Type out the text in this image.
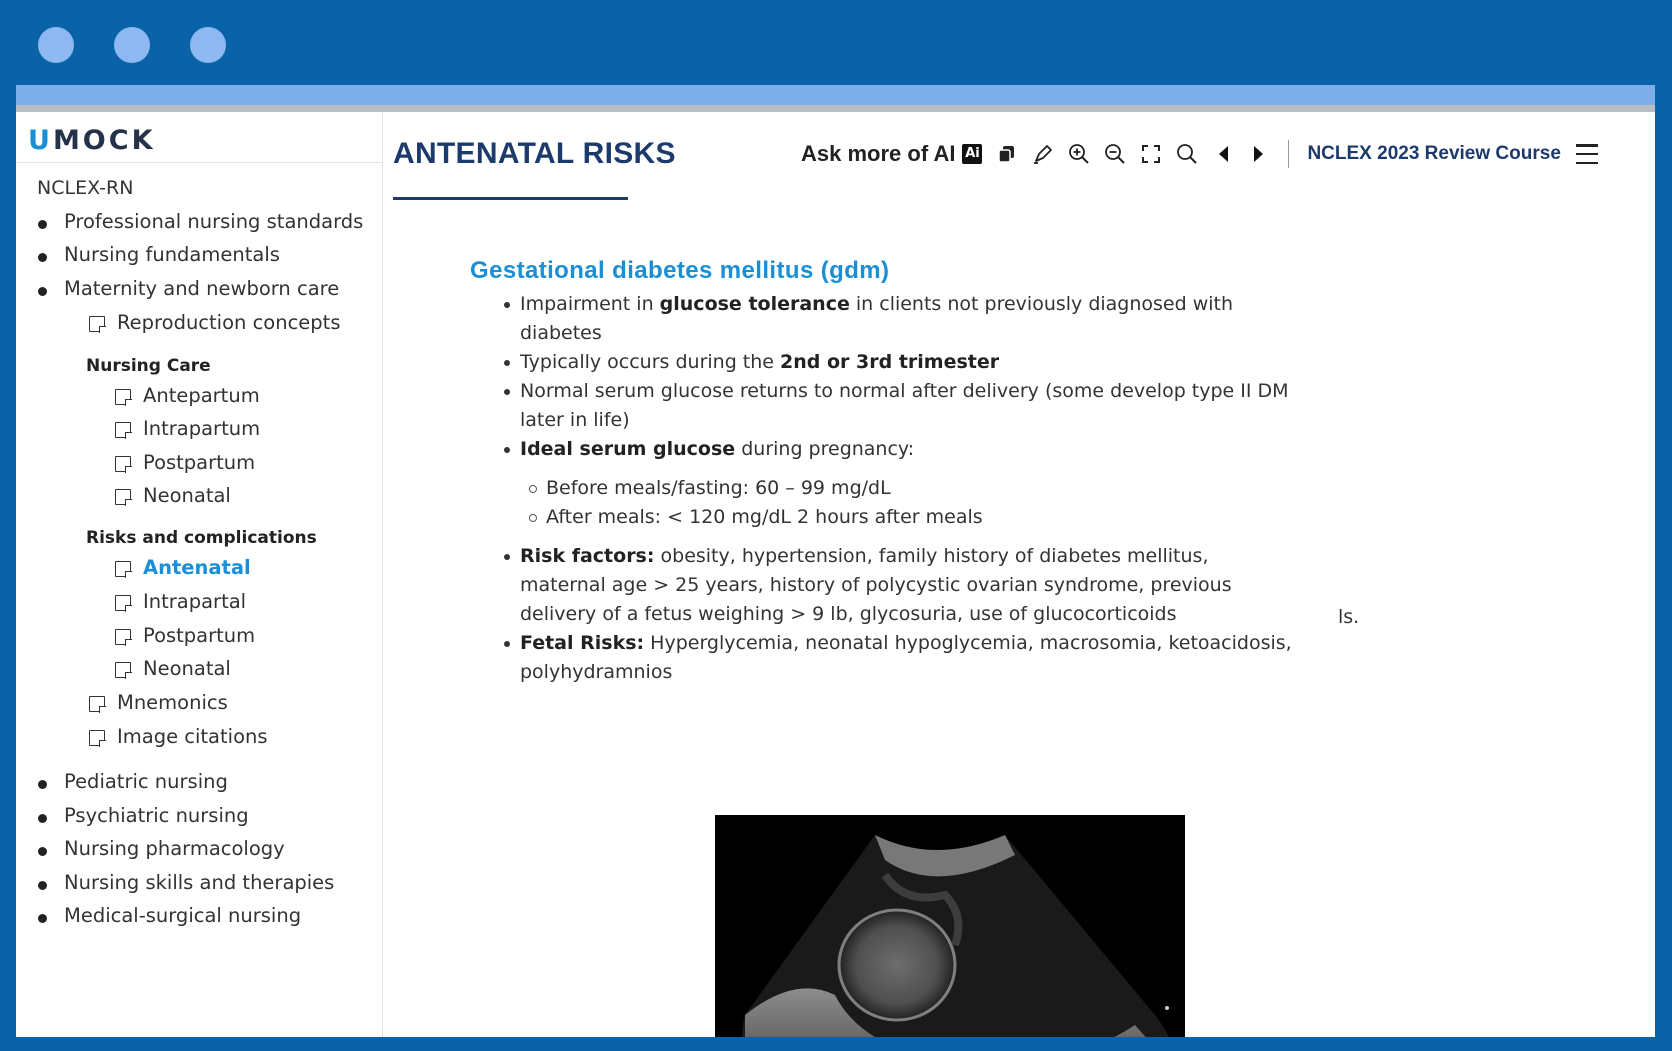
UMOCK
NCLEX-RN
Professional nursing standards
Nursing fundamentals
Maternity and newborn care
Reproduction concepts
Nursing Care
Antepartum
Intrapartum
Postpartum
Neonatal
Risks and complications
Antenatal
Intrapartal
Postpartum
Neonatal
Mnemonics
Image citations
Pediatric nursing
Psychiatric nursing
Nursing pharmacology
Nursing skills and therapies
Medical-surgical nursing
ANTENATAL RISKS	Ask more of AI Ai	NCLEX 2023 Review Course
Gestational diabetes mellitus (gdm)
Impairment in glucose tolerance in clients not previously diagnosed with diabetes
Typically occurs during the 2nd or 3rd trimester
Normal serum glucose returns to normal after delivery (some develop type II DM later in life)
Ideal serum glucose during pregnancy:
Before meals/fasting: 60 – 99 mg/dL
After meals: < 120 mg/dL 2 hours after meals
Risk factors: obesity, hypertension, family history of diabetes mellitus, maternal age > 25 years, history of polycystic ovarian syndrome, previous delivery of a fetus weighing > 9 lb, glycosuria, use of glucocorticoids
Fetal Risks: Hyperglycemia, neonatal hypoglycemia, macrosomia, ketoacidosis, polyhydramnios
ls.
